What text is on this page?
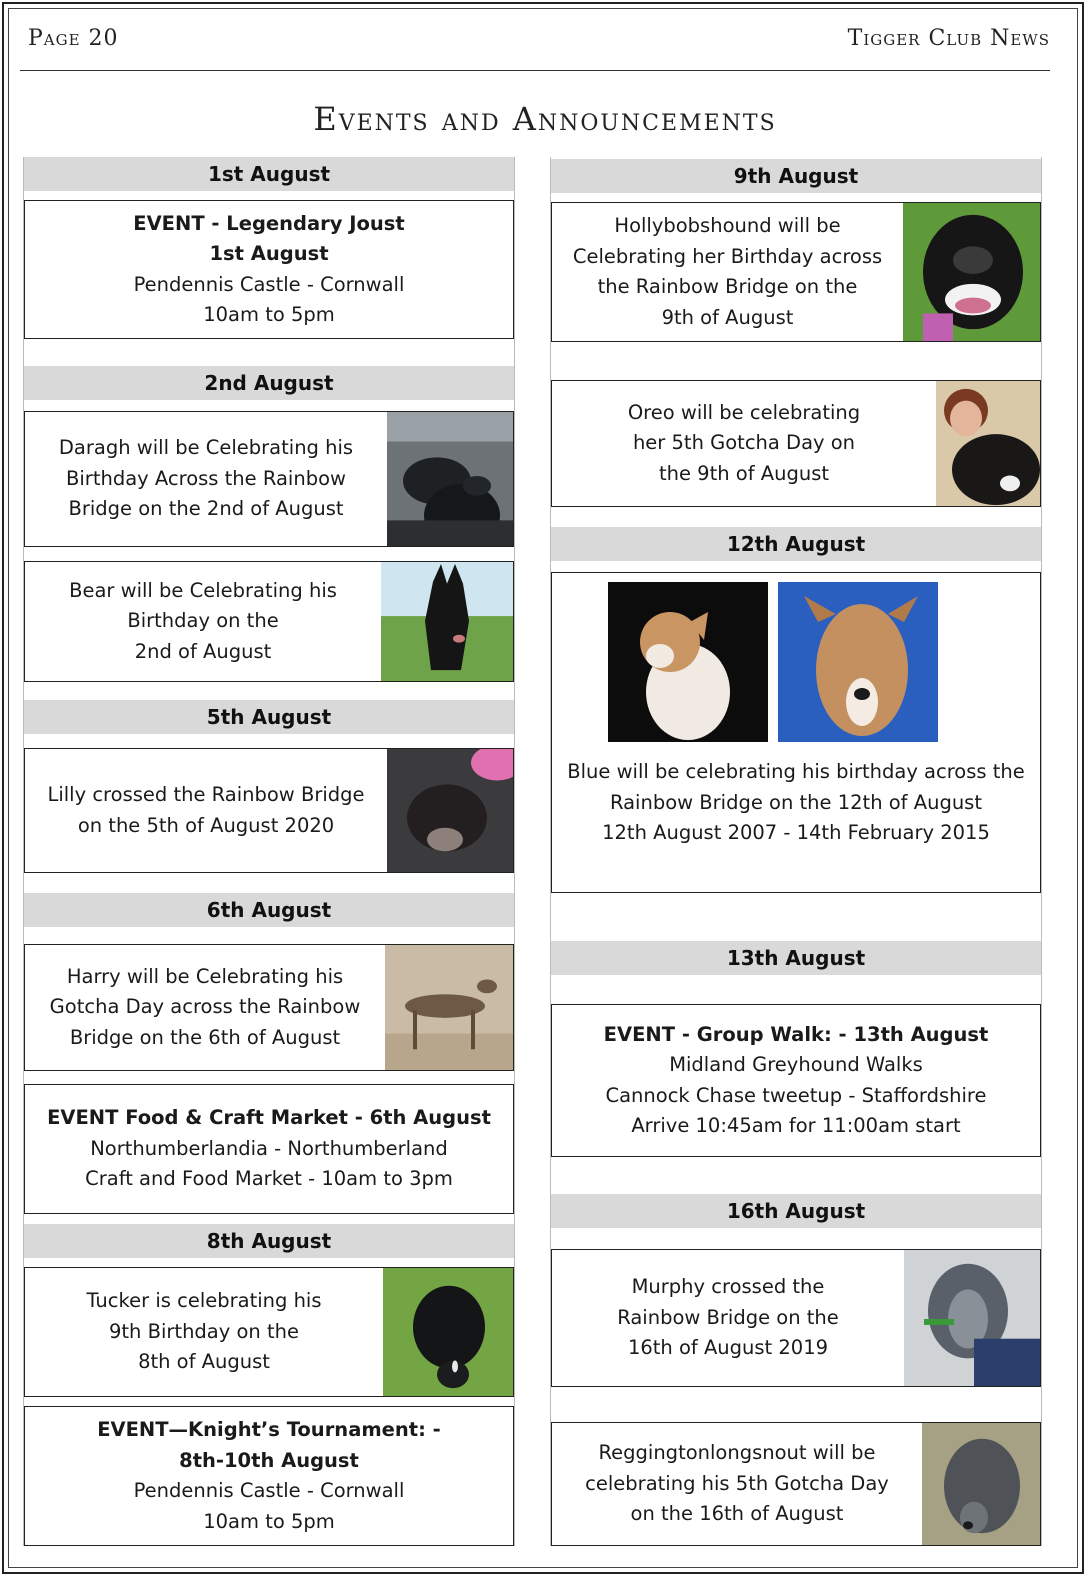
Page 20	Tigger Club News
Events and Announcements
1st August
EVENT - Legendary Joust
1st August
Pendennis Castle - Cornwall
10am to 5pm
2nd August
Daragh will be Celebrating his
Birthday Across the Rainbow
Bridge on the 2nd of August
Bear will be Celebrating his
Birthday on the
2nd of August
5th August
Lilly crossed the Rainbow Bridge
on the 5th of August 2020
6th August
Harry will be Celebrating his
Gotcha Day across the Rainbow
Bridge on the 6th of August
EVENT Food & Craft Market - 6th August
Northumberlandia - Northumberland
Craft and Food Market - 10am to 3pm
8th August
Tucker is celebrating his
9th Birthday on the
8th of August
EVENT—Knight’s Tournament: -
8th-10th August
Pendennis Castle - Cornwall
10am to 5pm
9th August
Hollybobshound will be
Celebrating her Birthday across
the Rainbow Bridge on the
9th of August
Oreo will be celebrating
her 5th Gotcha Day on
the 9th of August
12th August
Blue will be celebrating his birthday across the
Rainbow Bridge on the 12th of August
12th August 2007 - 14th February 2015
13th August
EVENT - Group Walk: - 13th August
Midland Greyhound Walks
Cannock Chase tweetup - Staffordshire
Arrive 10:45am for 11:00am start
16th August
Murphy crossed the
Rainbow Bridge on the
16th of August 2019
Reggingtonlongsnout will be
celebrating his 5th Gotcha Day
on the 16th of August
